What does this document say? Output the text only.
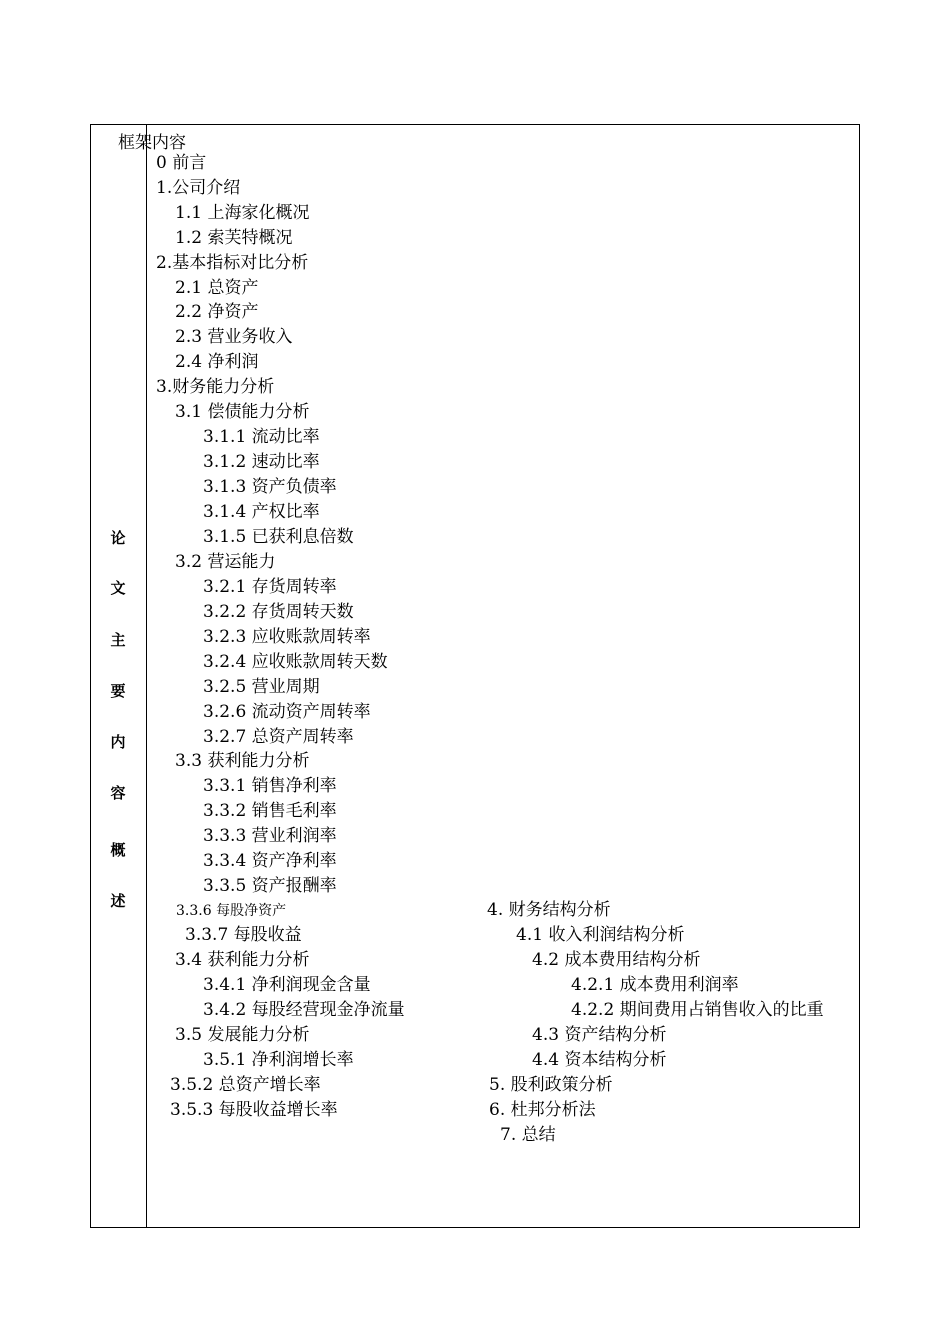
框架内容
论
文
主
要
内
容
概
述
0 前言
1.公司介绍
1.1 上海家化概况
1.2 索芙特概况
2.基本指标对比分析
2.1 总资产
2.2 净资产
2.3 营业务收入
2.4 净利润
3.财务能力分析
3.1 偿债能力分析
3.1.1 流动比率
3.1.2 速动比率
3.1.3 资产负债率
3.1.4 产权比率
3.1.5 已获利息倍数
3.2 营运能力
3.2.1 存货周转率
3.2.2 存货周转天数
3.2.3 应收账款周转率
3.2.4 应收账款周转天数
3.2.5 营业周期
3.2.6 流动资产周转率
3.2.7 总资产周转率
3.3 获利能力分析
3.3.1 销售净利率
3.3.2 销售毛利率
3.3.3 营业利润率
3.3.4 资产净利率
3.3.5 资产报酬率
3.3.6 每股净资产
3.3.7 每股收益
3.4 获利能力分析
3.4.1 净利润现金含量
3.4.2 每股经营现金净流量
3.5 发展能力分析
3.5.1 净利润增长率
3.5.2 总资产增长率
3.5.3 每股收益增长率
4. 财务结构分析
4.1 收入利润结构分析
4.2 成本费用结构分析
4.2.1 成本费用利润率
4.2.2 期间费用占销售收入的比重
4.3 资产结构分析
4.4 资本结构分析
5. 股利政策分析
6. 杜邦分析法
7. 总结
